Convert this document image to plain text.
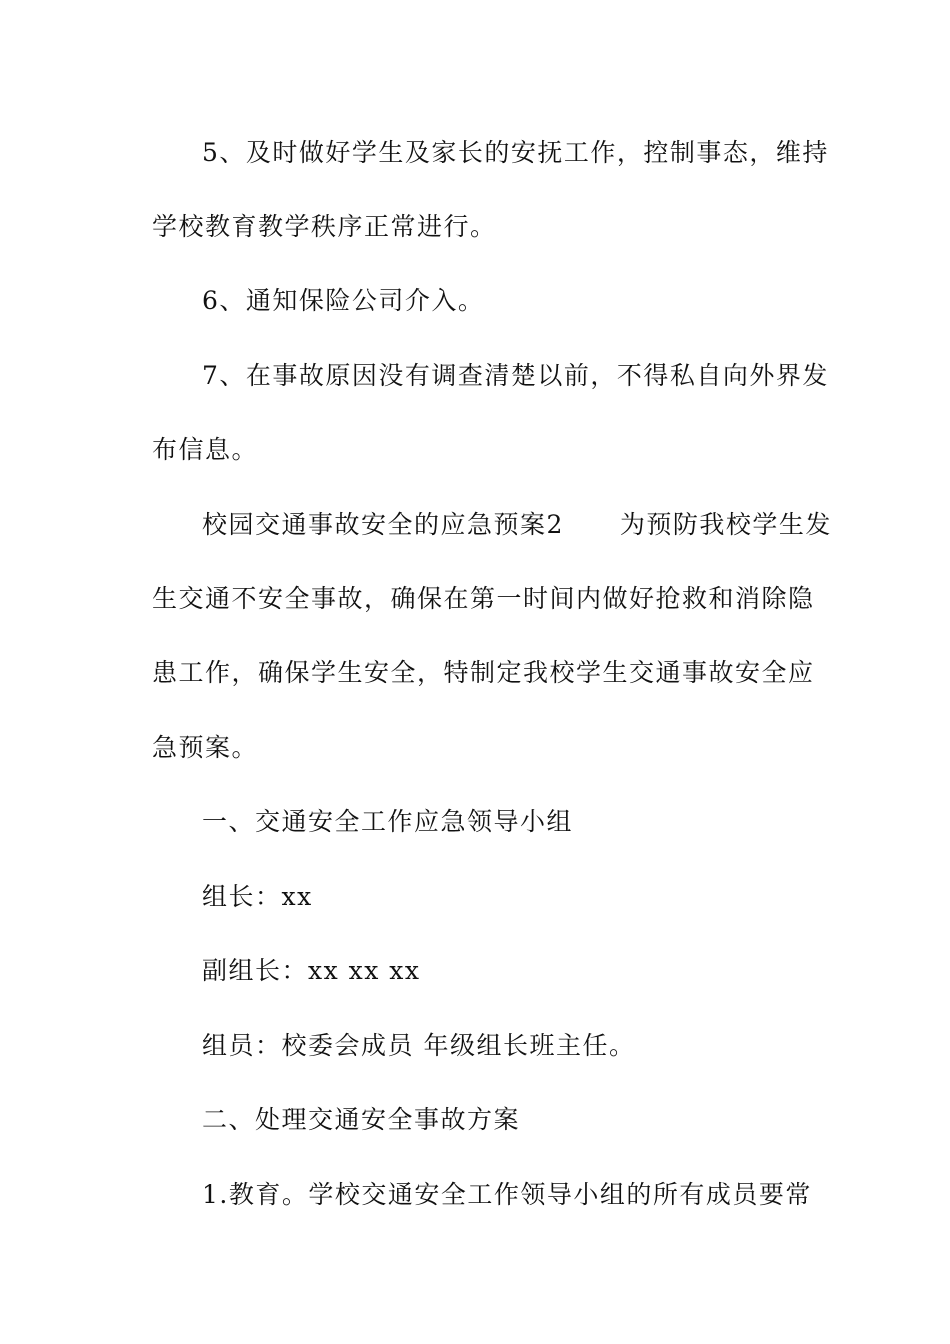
5、及时做好学生及家长的安抚工作，控制事态，维持
学校教育教学秩序正常进行。
6、通知保险公司介入。
7、在事故原因没有调查清楚以前，不得私自向外界发
布信息。
校园交通事故安全的应急预案2 为预防我校学生发
生交通不安全事故，确保在第一时间内做好抢救和消除隐
患工作，确保学生安全，特制定我校学生交通事故安全应
急预案。
一、交通安全工作应急领导小组
组长：xx
副组长：xx xx xx
组员：校委会成员 年级组长班主任。
二、处理交通安全事故方案
1.教育。学校交通安全工作领导小组的所有成员要常
